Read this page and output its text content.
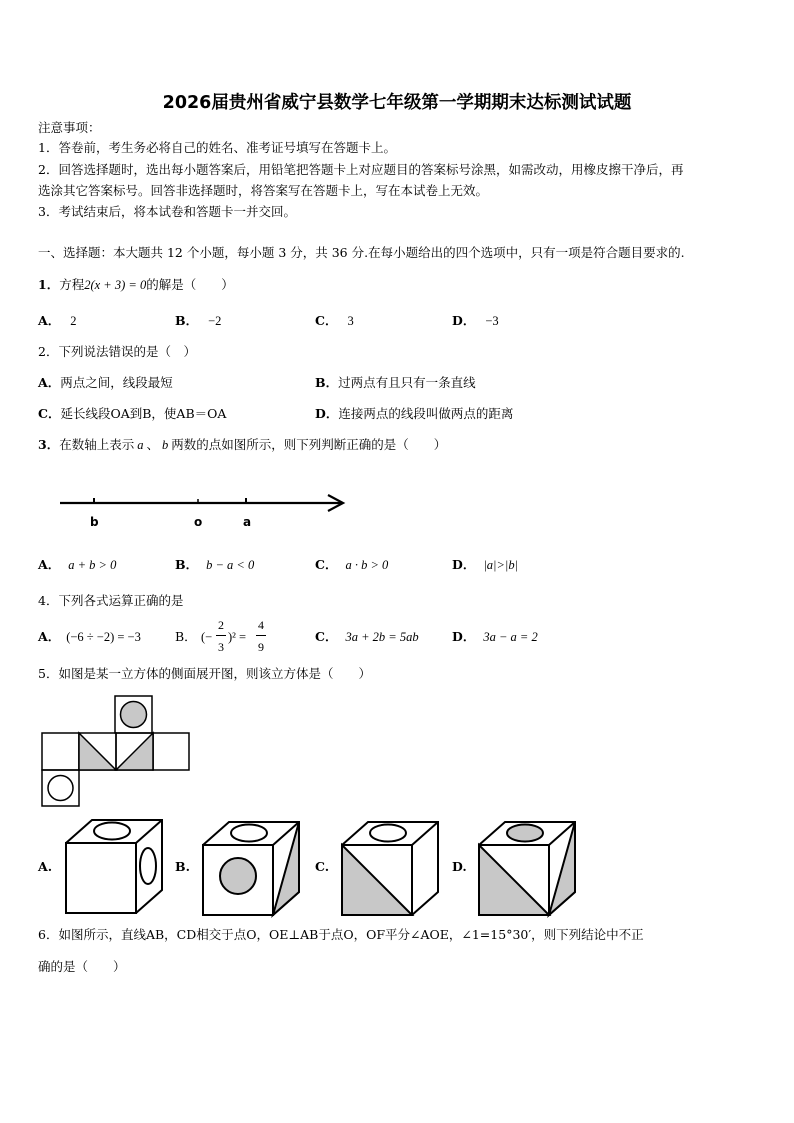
2026届贵州省威宁县数学七年级第一学期期末达标测试试题
注意事项：
1．答卷前，考生务必将自己的姓名、准考证号填写在答题卡上。
2．回答选择题时，选出每小题答案后，用铅笔把答题卡上对应题目的答案标号涂黑，如需改动，用橡皮擦干净后，再
选涂其它答案标号。回答非选择题时，将答案写在答题卡上，写在本试卷上无效。
3．考试结束后，将本试卷和答题卡一并交回。
一、选择题：本大题共 12 个小题，每小题 3 分，共 36 分.在每小题给出的四个选项中，只有一项是符合题目要求的.
1．方程2(x + 3) = 0的解是（　　）
A． 2	B． −2	C． 3	D． −3
2．下列说法错误的是（　）
A．两点之间，线段最短	B．过两点有且只有一条直线
C．延长线段OA到B，使AB＝OA	D．连接两点的线段叫做两点的距离
3．在数轴上表示 a 、 b 两数的点如图所示，则下列判断正确的是（　　）
b	o	a
A． a + b > 0	B． b − a < 0	C． a · b > 0	D． |a|>|b|
4．下列各式运算正确的是
A． (−6 ÷ −2) = −3	B． (−
2
3
)² =
4
9
C． 3a + 2b = 5ab	D． 3a − a = 2
5．如图是某一立方体的侧面展开图，则该立方体是（　　）
A.	B.	C.	D.
6．如图所示，直线AB，CD相交于点O，OE⊥AB于点O，OF平分∠AOE，∠1=15°30′，则下列结论中不正
确的是（　　）
